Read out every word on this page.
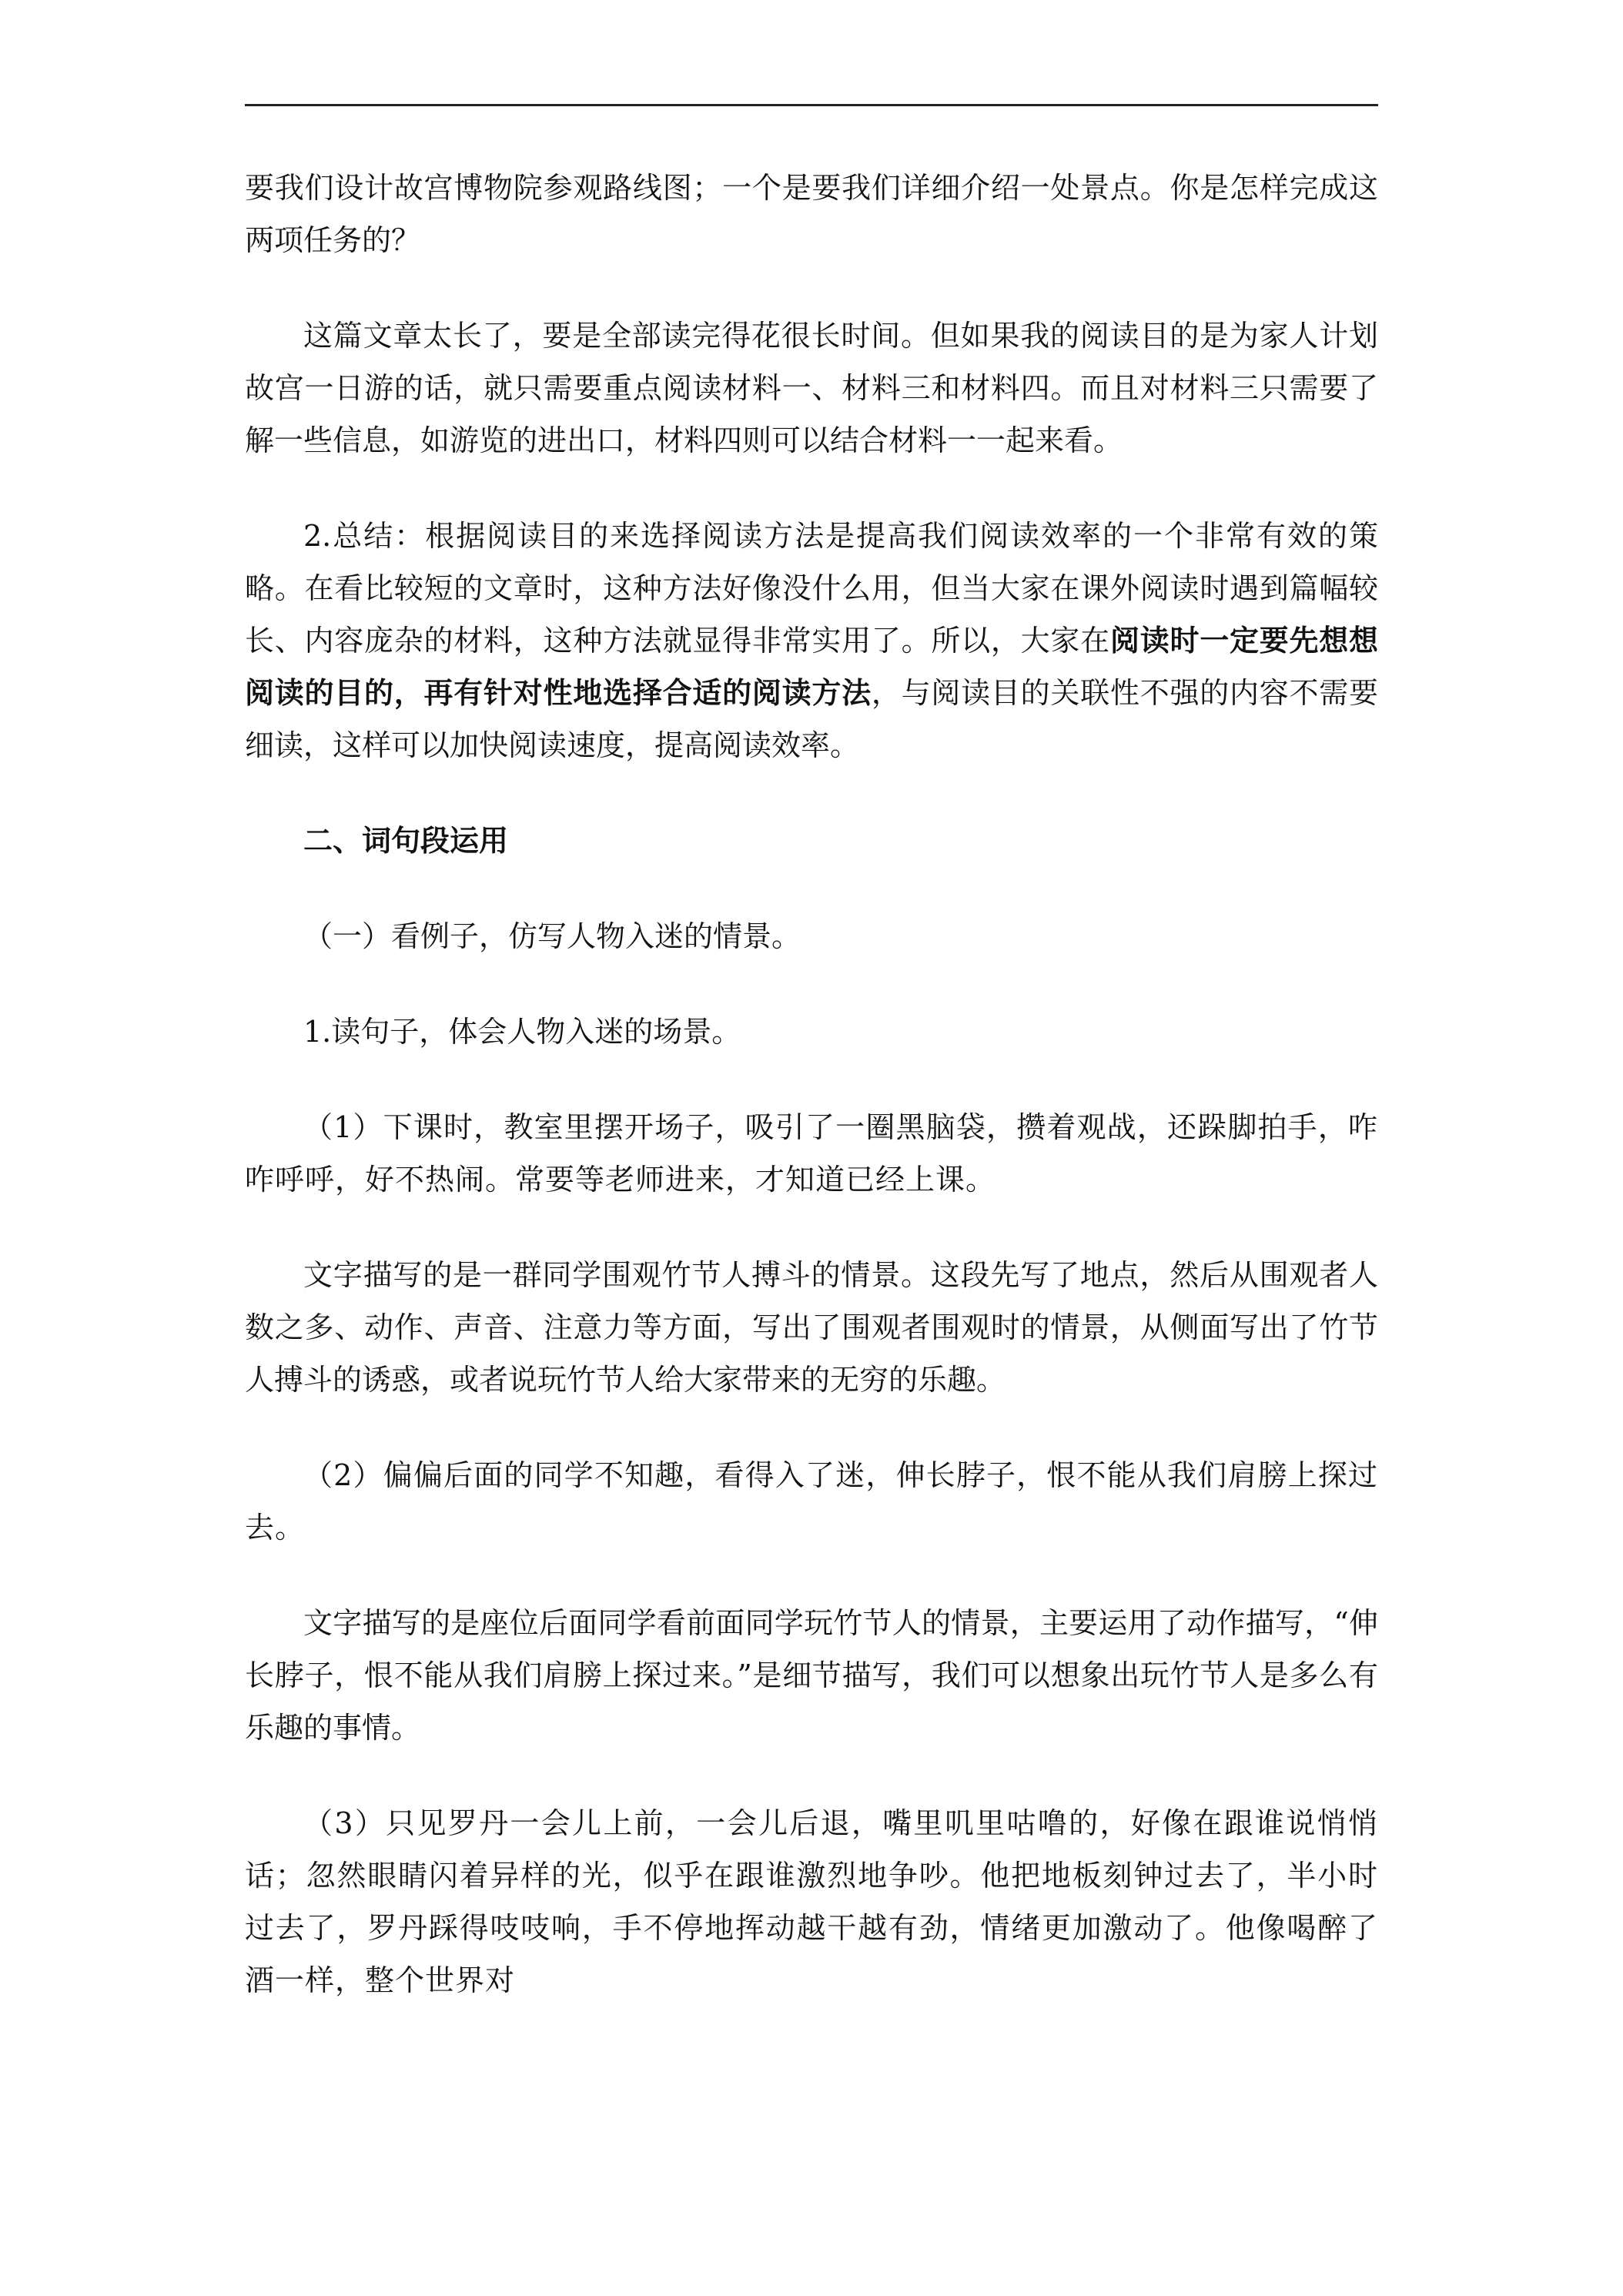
要我们设计故宫博物院参观路线图；一个是要我们详细介绍一处景点。你是怎样完成这两项任务的？

这篇文章太长了，要是全部读完得花很长时间。但如果我的阅读目的是为家人计划故宫一日游的话，就只需要重点阅读材料一、材料三和材料四。而且对材料三只需要了解一些信息，如游览的进出口，材料四则可以结合材料一一起来看。

2.总结：根据阅读目的来选择阅读方法是提高我们阅读效率的一个非常有效的策略。在看比较短的文章时，这种方法好像没什么用，但当大家在课外阅读时遇到篇幅较长、内容庞杂的材料，这种方法就显得非常实用了。所以，大家在阅读时一定要先想想阅读的目的，再有针对性地选择合适的阅读方法，与阅读目的关联性不强的内容不需要细读，这样可以加快阅读速度，提高阅读效率。

二、词句段运用

（一）看例子，仿写人物入迷的情景。

1.读句子，体会人物入迷的场景。

（1）下课时，教室里摆开场子，吸引了一圈黑脑袋，攒着观战，还跺脚拍手，咋咋呼呼，好不热闹。常要等老师进来，才知道已经上课。

文字描写的是一群同学围观竹节人搏斗的情景。这段先写了地点，然后从围观者人数之多、动作、声音、注意力等方面，写出了围观者围观时的情景，从侧面写出了竹节人搏斗的诱惑，或者说玩竹节人给大家带来的无穷的乐趣。

（2）偏偏后面的同学不知趣，看得入了迷，伸长脖子，恨不能从我们肩膀上探过去。

文字描写的是座位后面同学看前面同学玩竹节人的情景，主要运用了动作描写，“伸长脖子，恨不能从我们肩膀上探过来。”是细节描写，我们可以想象出玩竹节人是多么有乐趣的事情。

（3）只见罗丹一会儿上前，一会儿后退，嘴里叽里咕噜的，好像在跟谁说悄悄话；忽然眼睛闪着异样的光，似乎在跟谁激烈地争吵。他把地板刻钟过去了，半小时过去了，罗丹踩得吱吱响，手不停地挥动越干越有劲，情绪更加激动了。他像喝醉了酒一样，整个世界对
